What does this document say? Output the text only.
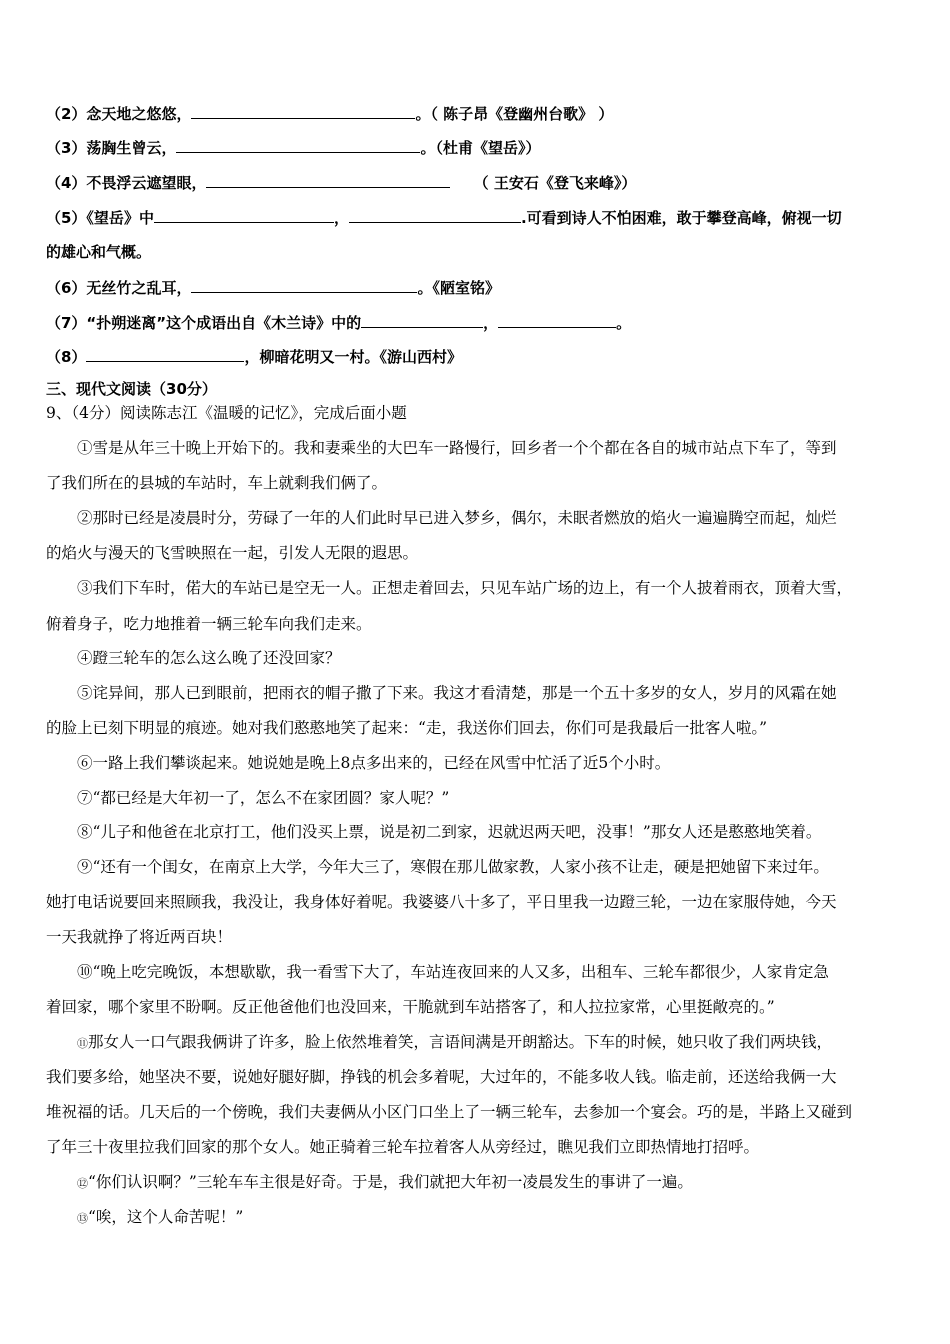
（2）念天地之悠悠，	。（ 陈子昂《登幽州台歌》 ）
（3）荡胸生曾云，	。（杜甫《望岳》）
（4）不畏浮云遮望眼，	（ 王安石《登飞来峰》）
（5）《望岳》中	，	.可看到诗人不怕困难，敢于攀登高峰，俯视一切
的雄心和气概。
（6）无丝竹之乱耳，	。《陋室铭》
（7）“扑朔迷离”这个成语出自《木兰诗》中的	，	。
（8）	，柳暗花明又一村。《游山西村》
三、现代文阅读（30分）
9、（4分）阅读陈志江《温暖的记忆》，完成后面小题
①雪是从年三十晚上开始下的。我和妻乘坐的大巴车一路慢行，回乡者一个个都在各自的城市站点下车了，等到
了我们所在的县城的车站时，车上就剩我们俩了。
②那时已经是凌晨时分，劳碌了一年的人们此时早已进入梦乡，偶尔，未眠者燃放的焰火一遍遍腾空而起，灿烂
的焰火与漫天的飞雪映照在一起，引发人无限的遐思。
③我们下车时，偌大的车站已是空无一人。正想走着回去，只见车站广场的边上，有一个人披着雨衣，顶着大雪，
俯着身子，吃力地推着一辆三轮车向我们走来。
④蹬三轮车的怎么这么晚了还没回家？
⑤诧异间，那人已到眼前，把雨衣的帽子撒了下来。我这才看清楚，那是一个五十多岁的女人，岁月的风霜在她
的脸上已刻下明显的痕迹。她对我们憨憨地笑了起来：“走，我送你们回去，你们可是我最后一批客人啦。”
⑥一路上我们攀谈起来。她说她是晚上8点多出来的，已经在风雪中忙活了近5个小时。
⑦“都已经是大年初一了，怎么不在家团圆？家人呢？”
⑧“儿子和他爸在北京打工，他们没买上票，说是初二到家，迟就迟两天吧，没事！”那女人还是憨憨地笑着。
⑨“还有一个闺女，在南京上大学，今年大三了，寒假在那儿做家教，人家小孩不让走，硬是把她留下来过年。
她打电话说要回来照顾我，我没让，我身体好着呢。我婆婆八十多了，平日里我一边蹬三轮，一边在家服侍她，今天
一天我就挣了将近两百块！
⑩“晚上吃完晚饭，本想歇歇，我一看雪下大了，车站连夜回来的人又多，出租车、三轮车都很少，人家肯定急
着回家，哪个家里不盼啊。反正他爸他们也没回来，干脆就到车站搭客了，和人拉拉家常，心里挺敞亮的。”
⑪那女人一口气跟我俩讲了许多，脸上依然堆着笑，言语间满是开朗豁达。下车的时候，她只收了我们两块钱，
我们要多给，她坚决不要，说她好腿好脚，挣钱的机会多着呢，大过年的，不能多收人钱。临走前，还送给我俩一大
堆祝福的话。几天后的一个傍晚，我们夫妻俩从小区门口坐上了一辆三轮车，去参加一个宴会。巧的是，半路上又碰到
了年三十夜里拉我们回家的那个女人。她正骑着三轮车拉着客人从旁经过，瞧见我们立即热情地打招呼。
⑫“你们认识啊？”三轮车车主很是好奇。于是，我们就把大年初一凌晨发生的事讲了一遍。
⑬“唉，这个人命苦呢！”
